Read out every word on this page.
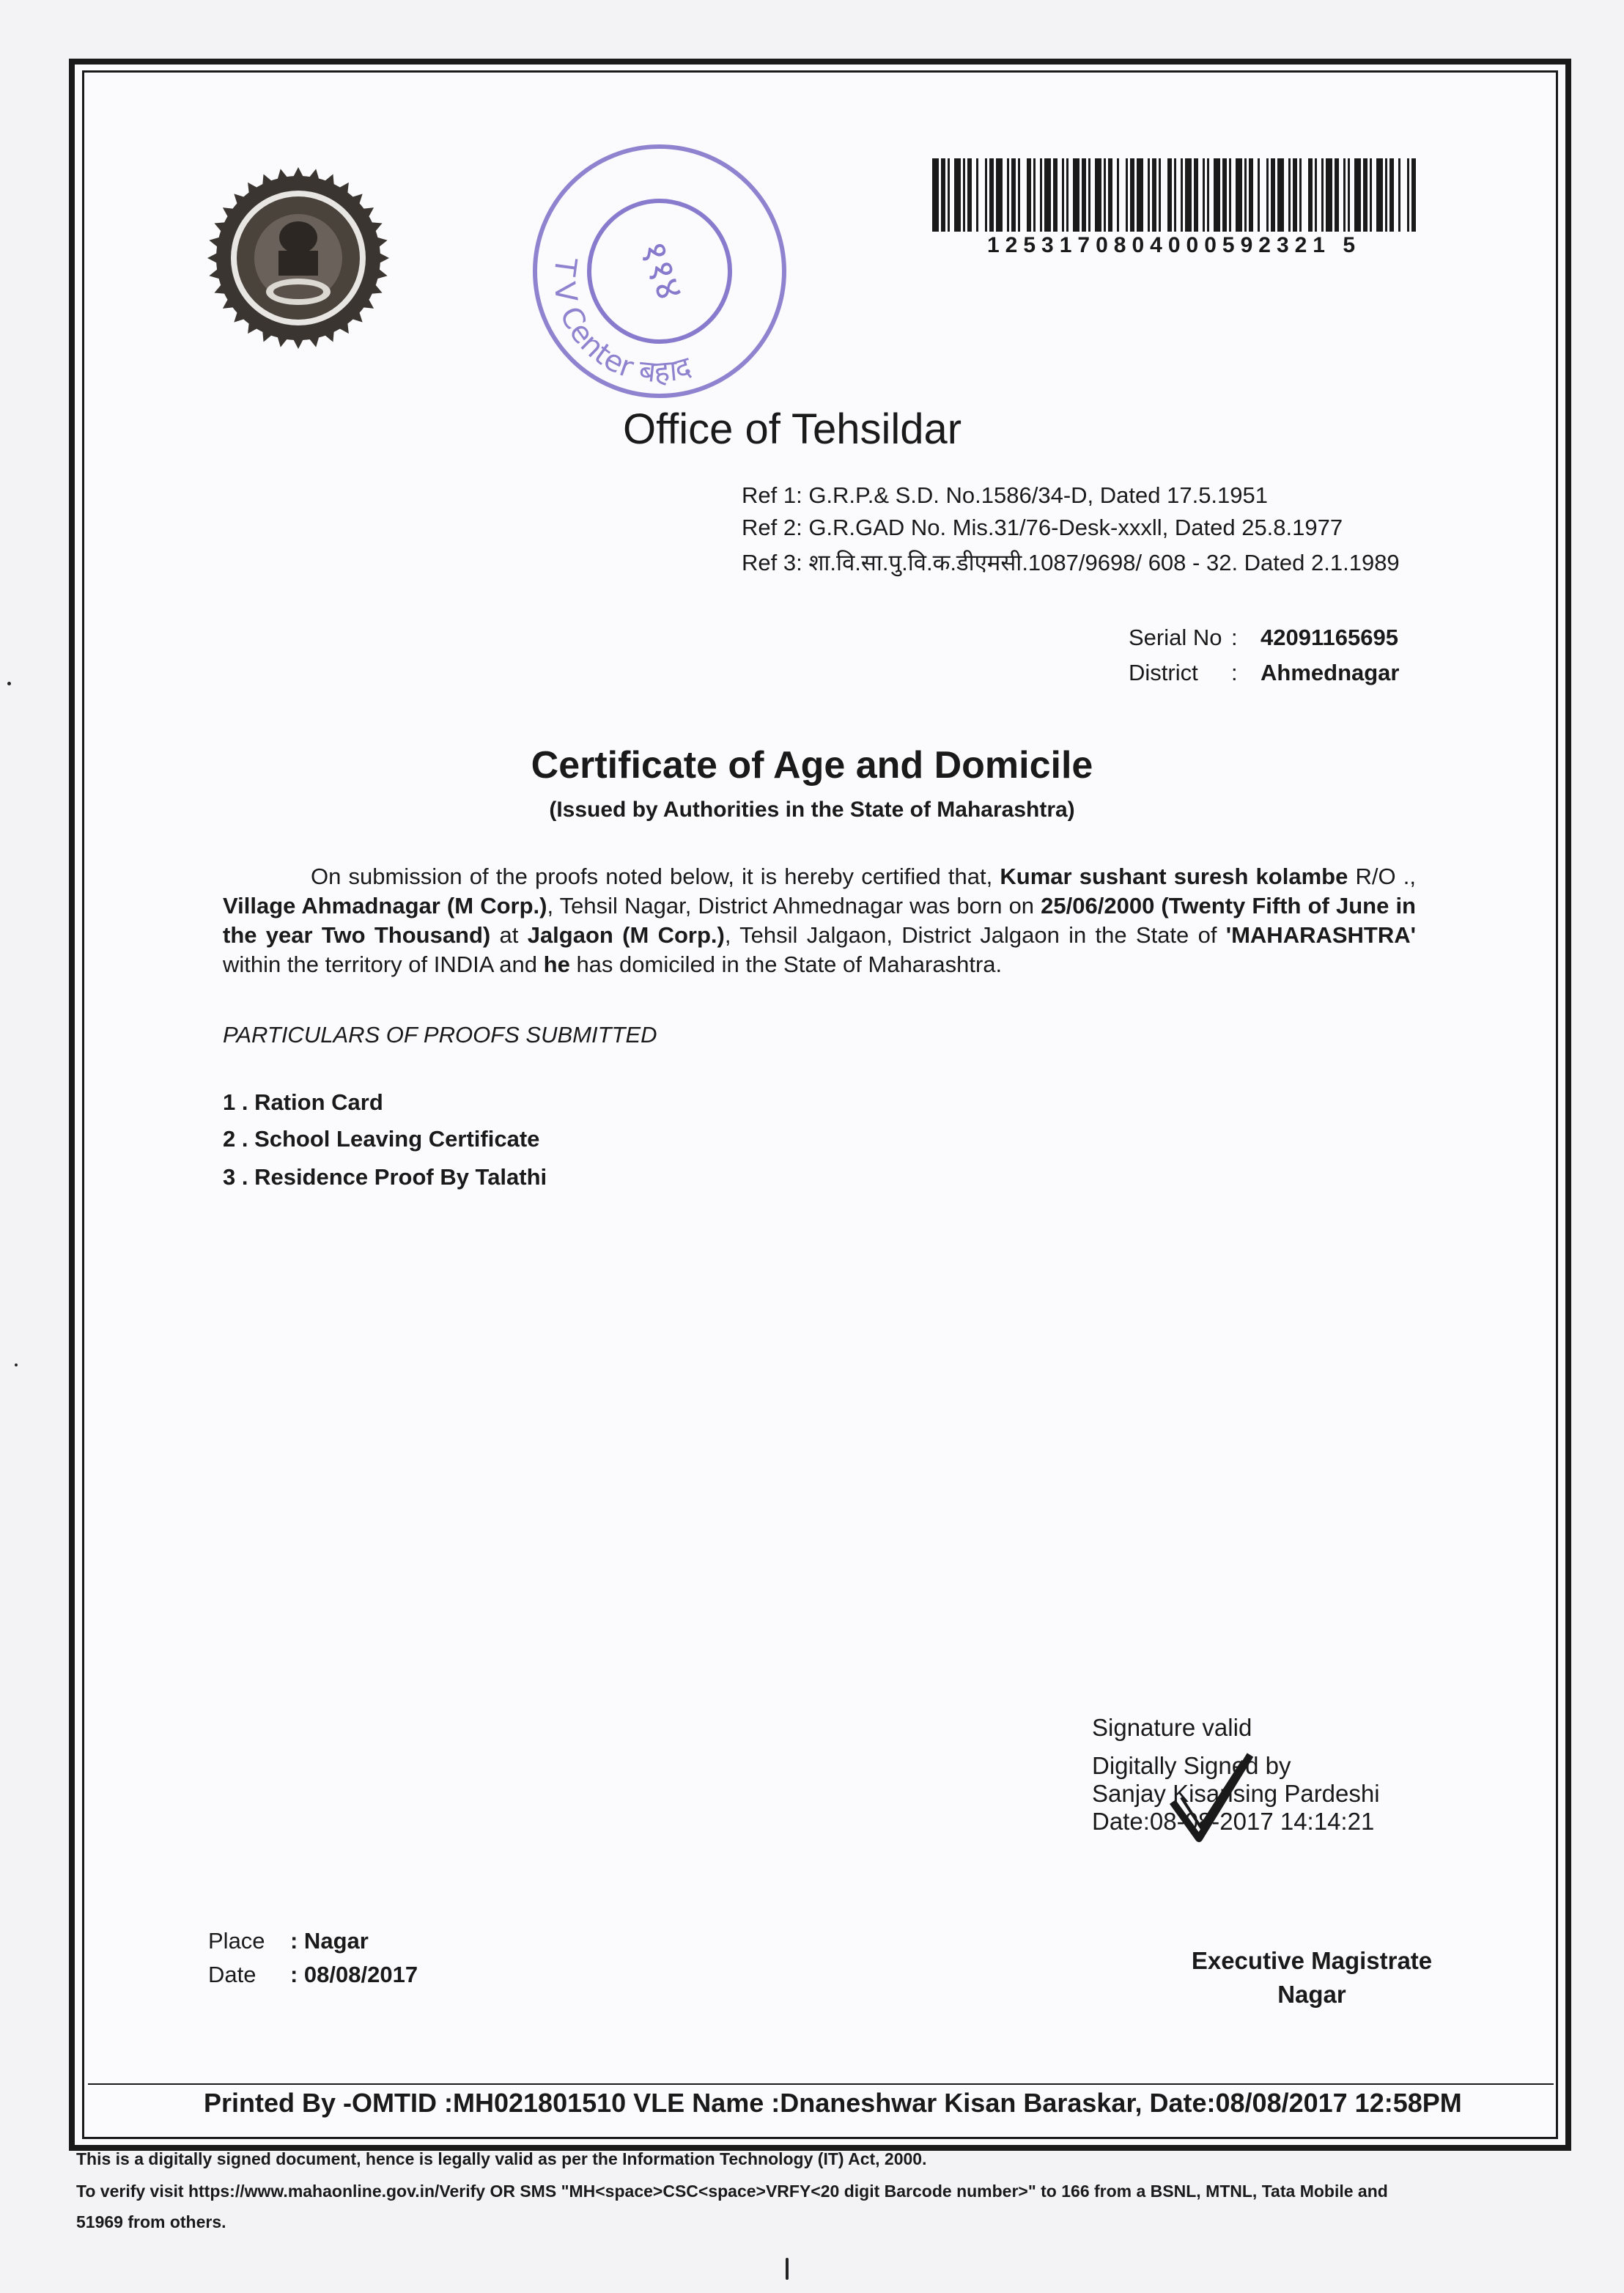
११४
T V Center बहाद
1253170804000592321 5
Office of Tehsildar
Ref 1: G.R.P.& S.D. No.1586/34-D, Dated 17.5.1951
Ref 2: G.R.GAD No. Mis.31/76-Desk-xxxll, Dated 25.8.1977
Ref 3: शा.वि.सा.पु.वि.क.डीएमसी.1087/9698/ 608 - 32. Dated 2.1.1989
Serial No :	42091165695
District	:	Ahmednagar
Certificate of Age and Domicile
(Issued by Authorities in the State of Maharashtra)
On submission of the proofs noted below, it is hereby certified that, Kumar sushant suresh kolambe R/O ., Village Ahmadnagar (M Corp.), Tehsil Nagar, District Ahmednagar was born on 25/06/2000 (Twenty Fifth of June in the year Two Thousand) at Jalgaon (M Corp.), Tehsil Jalgaon, District Jalgaon in the State of 'MAHARASHTRA' within the territory of INDIA and he has domiciled in the State of Maharashtra.
PARTICULARS OF PROOFS SUBMITTED
1 . Ration Card
2 . School Leaving Certificate
3 . Residence Proof By Talathi
Signature valid
Digitally Signed by
Sanjay Kisansing Pardeshi
Date:08-08-2017 14:14:21
Place	: Nagar
Date	: 08/08/2017
Executive Magistrate
Nagar
Printed By -OMTID :MH021801510 VLE Name :Dnaneshwar Kisan Baraskar, Date:08/08/2017 12:58PM
This is a digitally signed document, hence is legally valid as per the Information Technology (IT) Act, 2000.
To verify visit https://www.mahaonline.gov.in/Verify OR SMS "MH<space>CSC<space>VRFY<20 digit Barcode number>" to 166 from a BSNL, MTNL, Tata Mobile and
51969 from others.
